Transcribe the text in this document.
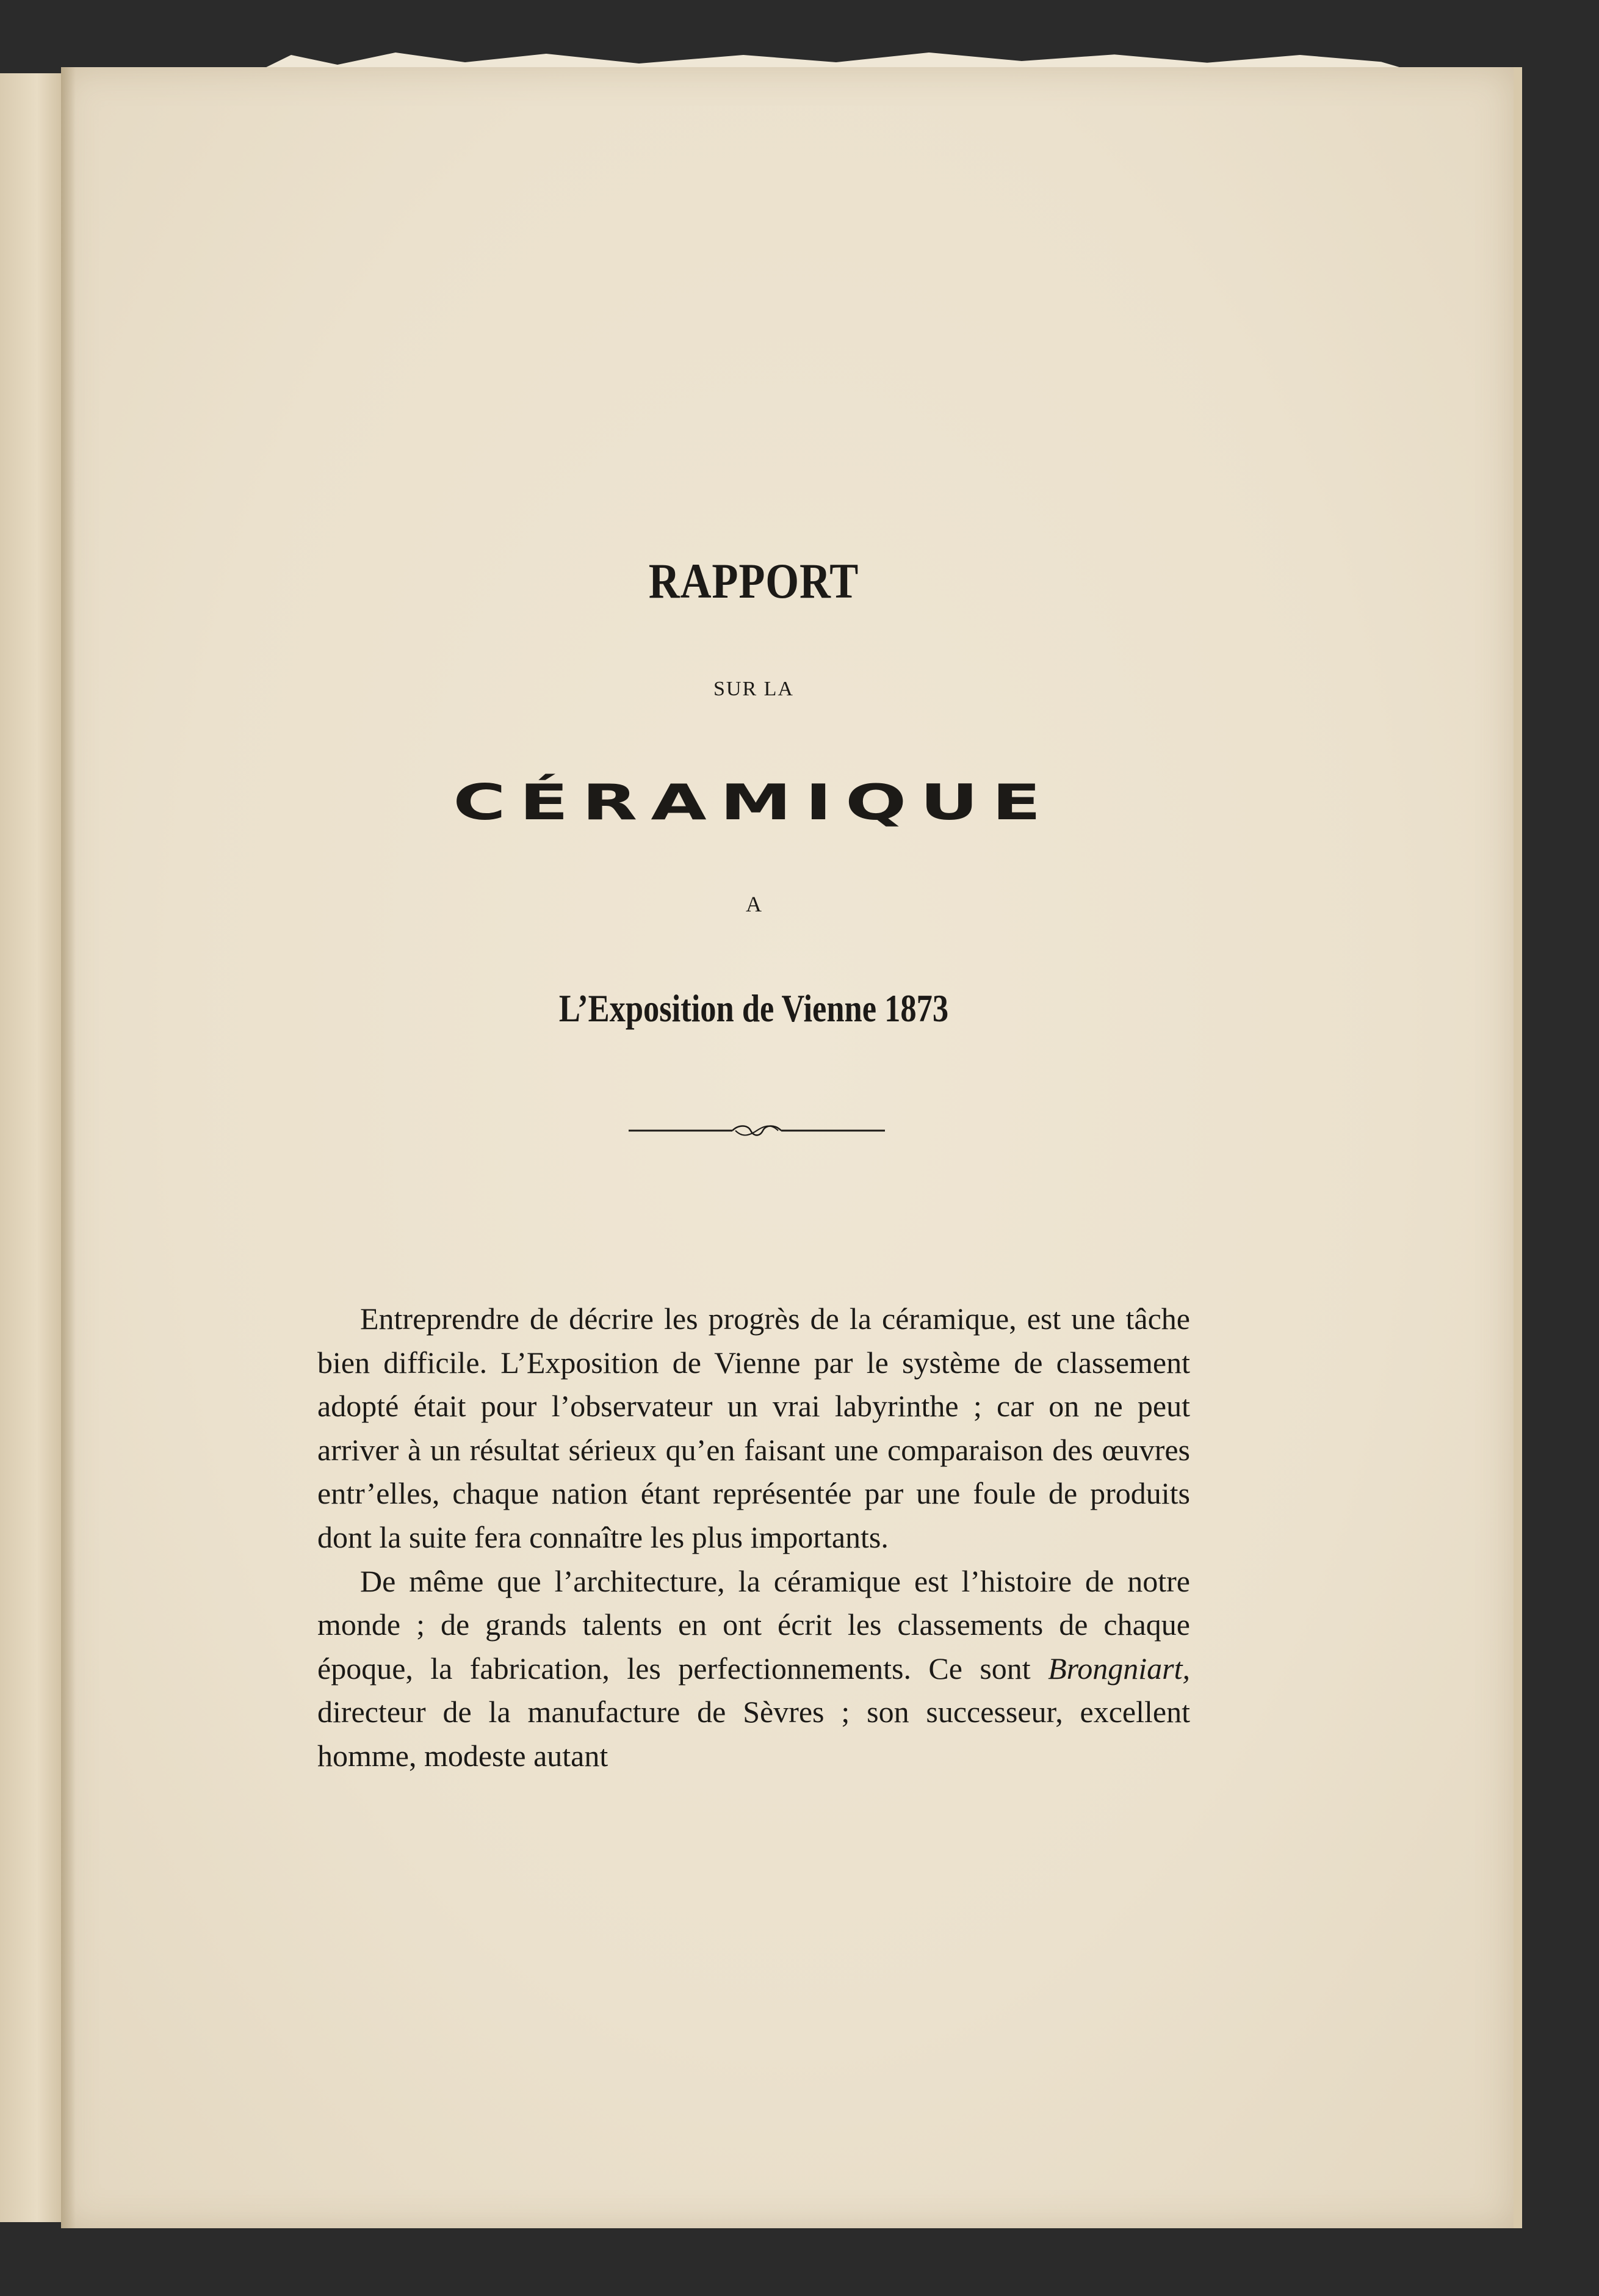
RAPPORT
SUR LA
CÉRAMIQUE
A
L’Exposition de Vienne 1873

Entreprendre de décrire les progrès de la céramique, est une tâche bien difficile. L’Exposition de Vienne par le système de classement adopté était pour l’observateur un vrai labyrinthe ; car on ne peut arriver à un résultat sérieux qu’en faisant une comparaison des œuvres entr’elles, chaque nation étant représentée par une foule de produits dont la suite fera connaître les plus importants.

De même que l’architecture, la céramique est l’histoire de notre monde ; de grands talents en ont écrit les classements de chaque époque, la fabrication, les perfectionnements. Ce sont Brongniart, directeur de la manufacture de Sèvres ; son successeur, excellent homme, modeste autant
